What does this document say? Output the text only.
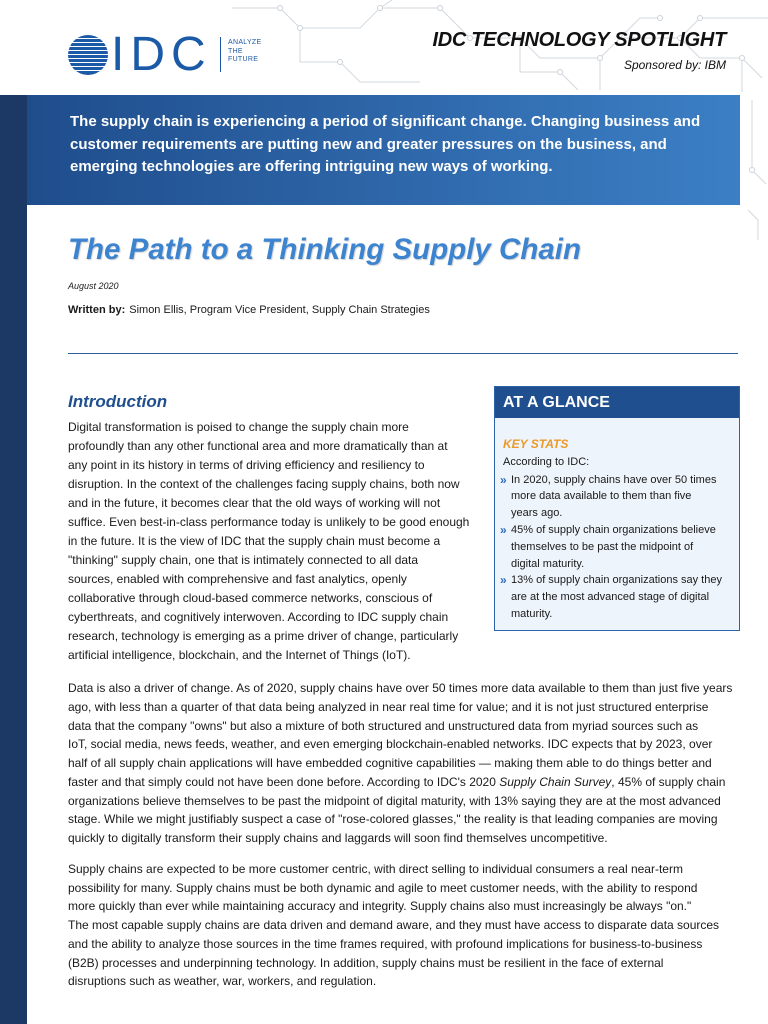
IDC ANALYZE
THE
FUTURE
IDC TECHNOLOGY SPOTLIGHT
Sponsored by: IBM
The supply chain is experiencing a period of significant change. Changing business and
customer requirements are putting new and greater pressures on the business, and
emerging technologies are offering intriguing new ways of working.
The Path to a Thinking Supply Chain
August 2020
Written by: Simon Ellis, Program Vice President, Supply Chain Strategies
Introduction
Digital transformation is poised to change the supply chain more
profoundly than any other functional area and more dramatically than at
any point in its history in terms of driving efficiency and resiliency to
disruption. In the context of the challenges facing supply chains, both now
and in the future, it becomes clear that the old ways of working will not
suffice. Even best-in-class performance today is unlikely to be good enough
in the future. It is the view of IDC that the supply chain must become a
"thinking" supply chain, one that is intimately connected to all data
sources, enabled with comprehensive and fast analytics, openly
collaborative through cloud-based commerce networks, conscious of
cyberthreats, and cognitively interwoven. According to IDC supply chain
research, technology is emerging as a prime driver of change, particularly
artificial intelligence, blockchain, and the Internet of Things (IoT).
AT A GLANCE
KEY STATS
According to IDC:
»
In 2020, supply chains have over 50 times
more data available to them than five
years ago.
»
45% of supply chain organizations believe
themselves to be past the midpoint of
digital maturity.
»
13% of supply chain organizations say they
are at the most advanced stage of digital
maturity.
Data is also a driver of change. As of 2020, supply chains have over 50 times more data available to them than just five years
ago, with less than a quarter of that data being analyzed in near real time for value; and it is not just structured enterprise
data that the company "owns" but also a mixture of both structured and unstructured data from myriad sources such as
IoT, social media, news feeds, weather, and even emerging blockchain-enabled networks. IDC expects that by 2023, over
half of all supply chain applications will have embedded cognitive capabilities — making them able to do things better and
faster and that simply could not have been done before. According to IDC's 2020 Supply Chain Survey, 45% of supply chain
organizations believe themselves to be past the midpoint of digital maturity, with 13% saying they are at the most advanced
stage. While we might justifiably suspect a case of "rose-colored glasses," the reality is that leading companies are moving
quickly to digitally transform their supply chains and laggards will soon find themselves uncompetitive.
Supply chains are expected to be more customer centric, with direct selling to individual consumers a real near-term
possibility for many. Supply chains must be both dynamic and agile to meet customer needs, with the ability to respond
more quickly than ever while maintaining accuracy and integrity. Supply chains also must increasingly be always "on."
The most capable supply chains are data driven and demand aware, and they must have access to disparate data sources
and the ability to analyze those sources in the time frames required, with profound implications for business-to-business
(B2B) processes and underpinning technology. In addition, supply chains must be resilient in the face of external
disruptions such as weather, war, workers, and regulation.
